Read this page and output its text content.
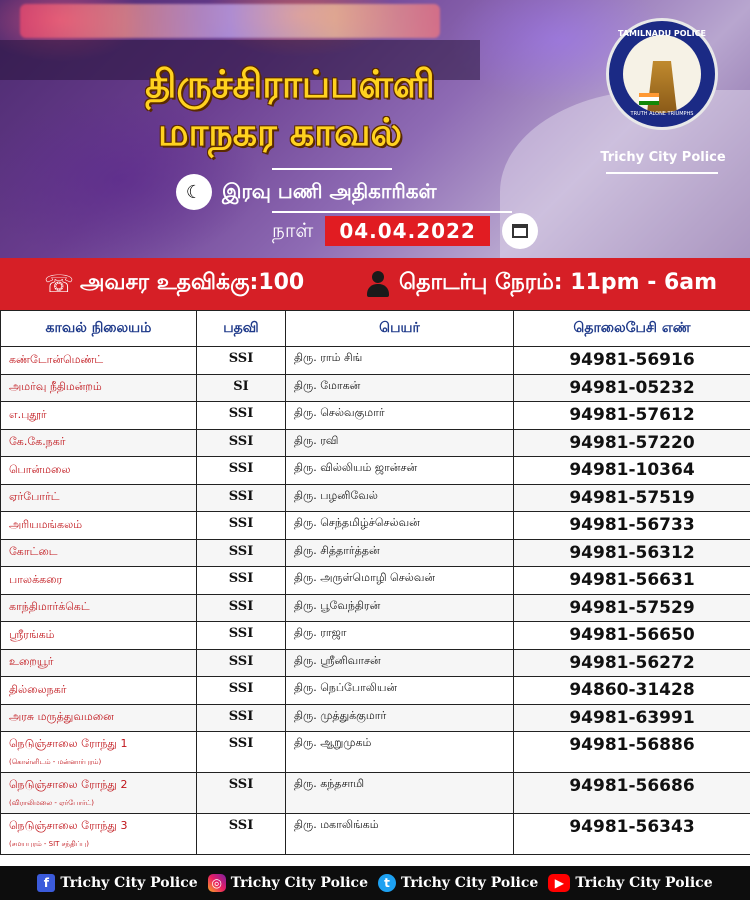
திருச்சிராப்பள்ளி
மாநகர காவல்
☾ இரவு பணி அதிகாரிகள்
நாள்	04.04.2022
TAMILNADU POLICE
TRUTH ALONE TRIUMPHS
Trichy City Police
☏ அவசர உதவிக்கு:100	தொடர்பு நேரம்: 11pm - 6am
காவல் நிலையம்	பதவி	பெயர்	தொலைபேசி எண்
கண்டோன்மெண்ட்	SSI	திரு. ராம் சிங்	94981-56916
அமர்வு நீதிமன்றம்	SI	திரு. மோகன்	94981-05232
எ.புதூர்	SSI	திரு. செல்வகுமார்	94981-57612
கே.கே.நகர்	SSI	திரு. ரவி	94981-57220
பொன்மலை	SSI	திரு. வில்லியம் ஜான்சன்	94981-10364
ஏர்போர்ட்	SSI	திரு. பழனிவேல்	94981-57519
அரியமங்கலம்	SSI	திரு. செந்தமிழ்ச்செல்வன்	94981-56733
கோட்டை	SSI	திரு. சித்தார்த்தன்	94981-56312
பாலக்கரை	SSI	திரு. அருள்மொழி செல்வன்	94981-56631
காந்திமார்க்கெட்	SSI	திரு. பூவேந்திரன்	94981-57529
ஸ்ரீரங்கம்	SSI	திரு. ராஜா	94981-56650
உறையூர்	SSI	திரு. ஸ்ரீனிவாசன்	94981-56272
தில்லைநகர்	SSI	திரு. நெப்போலியன்	94860-31428
அரசு மருத்துவமனை	SSI	திரு. முத்துக்குமார்	94981-63991
நெடுஞ்சாலை ரோந்து 1
(கொள்ளிடம் - மன்னார்புரம்)	SSI	திரு. ஆறுமுகம்	94981-56886
நெடுஞ்சாலை ரோந்து 2
(விராலிமலை - ஏர்போர்ட்)	SSI	திரு. கந்தசாமி	94981-56686
நெடுஞ்சாலை ரோந்து 3
(சமயபுரம் - SIT சந்திப்பு)	SSI	திரு. மகாலிங்கம்	94981-56343
f Trichy City Police	◎ Trichy City Police	t Trichy City Police	▶ Trichy City Police
